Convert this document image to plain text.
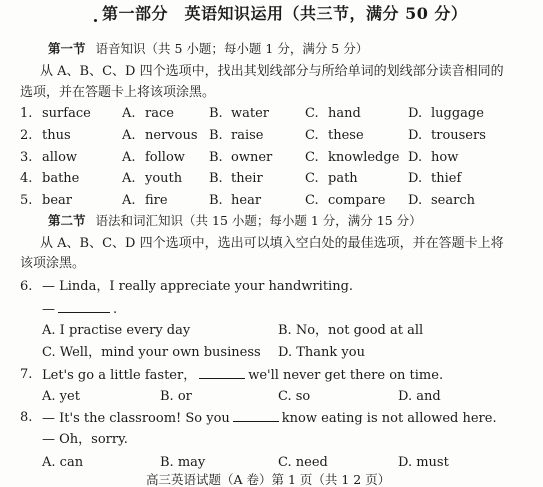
第一部分　英语知识运用（共三节，满分 50 分）
第一节 语音知识（共 5 小题；每小题 1 分，满分 5 分）
从 A、B、C、D 四个选项中，找出其划线部分与所给单词的划线部分读音相同的
选项，并在答题卡上将该项涂黑。
1. surface A. race	B. water	C. hand	D. luggage
2. thus	A. nervous B. raise	C. these	D. trousers
3. allow	A. follow B. owner	C. knowledge D. how
4. bathe	A. youth B. their	C. path	D. thief
5. bear	A. fire	B. hear	C. compare D. search
第二节 语法和词汇知识（共 15 小题；每小题 1 分，满分 15 分）
从 A、B、C、D 四个选项中，选出可以填入空白处的最佳选项，并在答题卡上将
该项涂黑。
6. — Linda，I really appreciate your handwriting.
—	.
A. I practise every day	B. No，not good at all
C. Well，mind your own business D. Thank you
7. Let's go a little faster，	we'll never get there on time.
A. yet	B. or	C. so	D. and
8. — It's the classroom! So you	know eating is not allowed here.
— Oh，sorry.
A. can	B. may	C. need	D. must
高三英语试题（A 卷）第 1 页（共 1 2 页）
